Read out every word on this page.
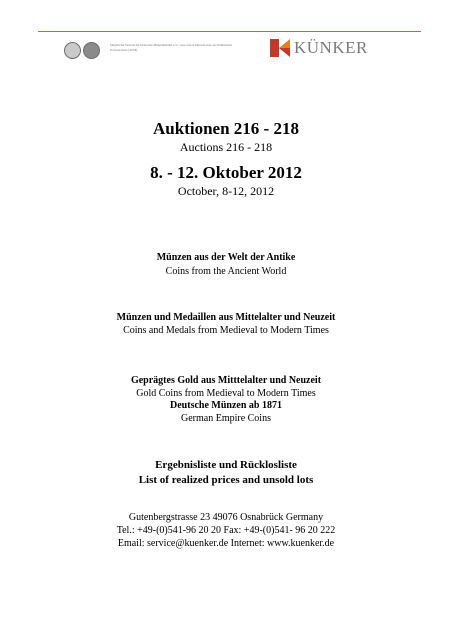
Mitglied im Verband der Deutschen Münzenhändler e.V. / Association Internationale des Numismates Professionnels (AINP)	KÜNKER
Auktionen 216 - 218
Auctions 216 - 218
8. - 12. Oktober 2012
October, 8-12, 2012
Münzen aus der Welt der Antike
Coins from the Ancient World
Münzen und Medaillen aus Mittelalter und Neuzeit
Coins and Medals from Medieval to Modern Times
Geprägtes Gold aus Mitttelalter und Neuzeit
Gold Coins from Medieval to Modern Times
Deutsche Münzen ab 1871
German Empire Coins
Ergebnisliste und Rücklosliste
List of realized prices and unsold lots
Gutenbergstrasse 23 49076 Osnabrück Germany
Tel.: +49-(0)541-96 20 20 Fax: +49-(0)541- 96 20 222
Email: service@kuenker.de Internet: www.kuenker.de
